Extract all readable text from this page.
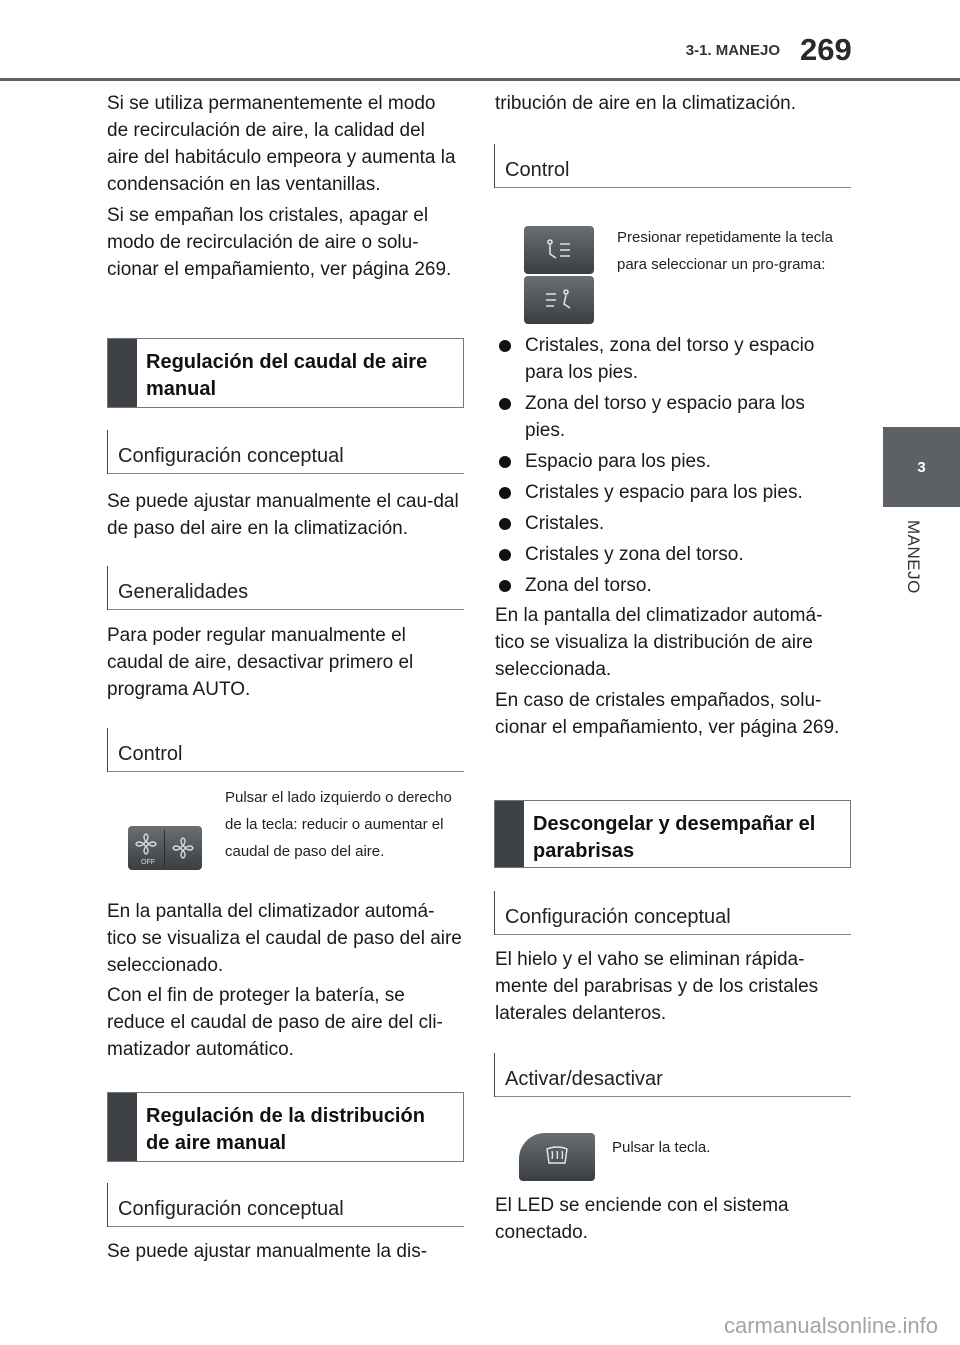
3-1. MANEJO 269
3
MANEJO

Si se utiliza permanentemente el modo de recirculación de aire, la calidad del aire del habitáculo empeora y aumenta la condensación en las ventanillas.

Si se empañan los cristales, apagar el modo de recirculación de aire o solu-cionar el empañamiento, ver página 269.

Regulación del caudal de aire manual
Configuración conceptual

Se puede ajustar manualmente el cau-dal de paso del aire en la climatización.

Generalidades

Para poder regular manualmente el caudal de aire, desactivar primero el programa AUTO.

Control
OFF

Pulsar el lado izquierdo o derecho de la tecla: reducir o aumentar el caudal de paso del aire.

En la pantalla del climatizador automá-tico se visualiza el caudal de paso del aire seleccionado.

Con el fin de proteger la batería, se reduce el caudal de paso de aire del cli-matizador automático.

Regulación de la distribución de aire manual
Configuración conceptual

Se puede ajustar manualmente la dis-

tribución de aire en la climatización.

Control

Presionar repetidamente la tecla para seleccionar un pro-grama:

Cristales, zona del torso y espacio para los pies.
Zona del torso y espacio para los pies.
Espacio para los pies.
Cristales y espacio para los pies.
Cristales.
Cristales y zona del torso.
Zona del torso.

En la pantalla del climatizador automá-tico se visualiza la distribución de aire seleccionada.

En caso de cristales empañados, solu-cionar el empañamiento, ver página 269.

Descongelar y desempañar el parabrisas
Configuración conceptual

El hielo y el vaho se eliminan rápida-mente del parabrisas y de los cristales laterales delanteros.

Activar/desactivar

Pulsar la tecla.

El LED se enciende con el sistema conectado.

carmanualsonline.info
